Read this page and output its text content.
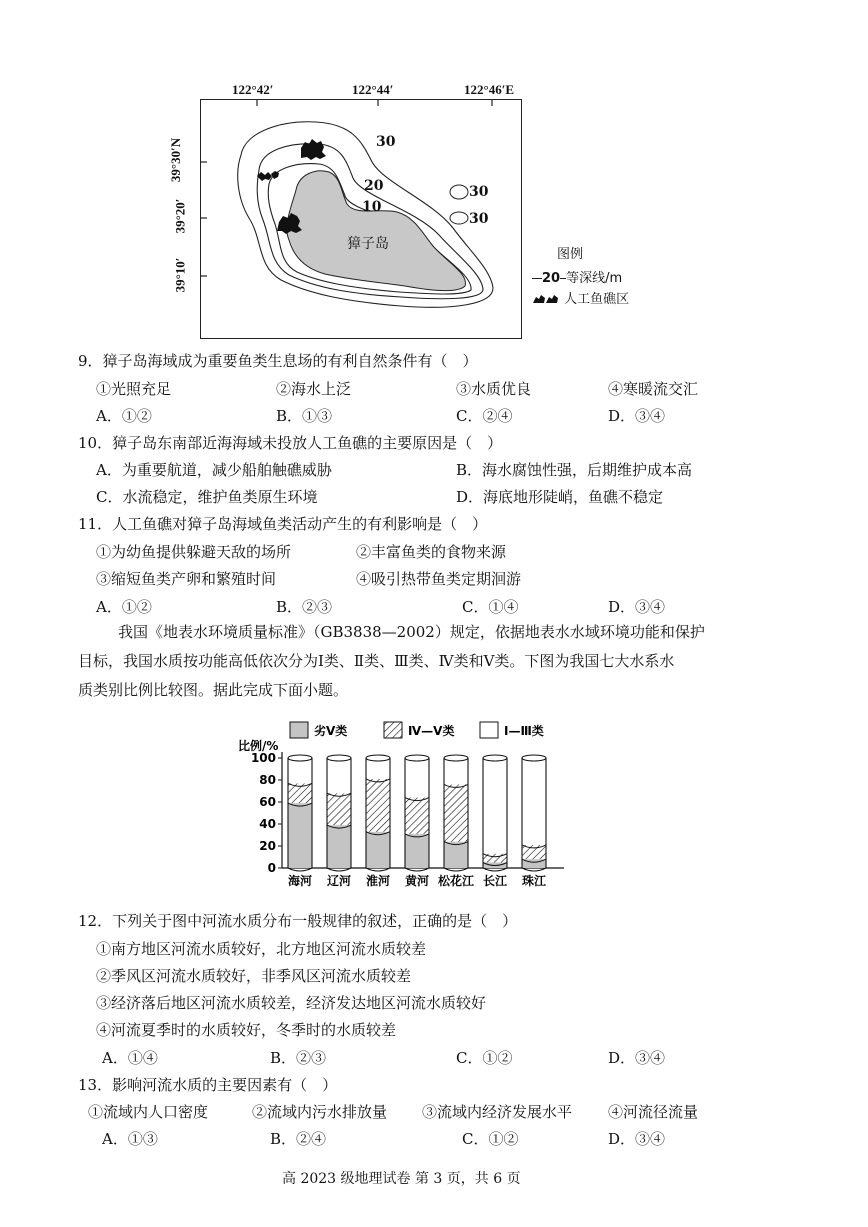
122°42′	122°44′	122°46′E
39°30′N
39°20′
39°10′
30
20
10
30
30
獐子岛
图例
20 等深线/m
人工鱼礁区
9．獐子岛海域成为重要鱼类生息场的有利自然条件有（　）
①光照充足	②海水上泛	③水质优良	④寒暖流交汇
A．①②	B．①③	C．②④	D．③④
10．獐子岛东南部近海海域未投放人工鱼礁的主要原因是（　）
A．为重要航道，减少船舶触礁威胁	B．海水腐蚀性强，后期维护成本高
C．水流稳定，维护鱼类原生环境	D．海底地形陡峭，鱼礁不稳定
11．人工鱼礁对獐子岛海域鱼类活动产生的有利影响是（　）
①为幼鱼提供躲避天敌的场所	②丰富鱼类的食物来源
③缩短鱼类产卵和繁殖时间	④吸引热带鱼类定期洄游
A．①②	B．②③	C．①④	D．③④
我国《地表水环境质量标准》（GB3838—2002）规定，依据地表水水域环境功能和保护
目标，我国水质按功能高低依次分为Ⅰ类、Ⅱ类、Ⅲ类、Ⅳ类和Ⅴ类。下图为我国七大水系水
质类别比例比较图。据此完成下面小题。
劣Ⅴ类	Ⅳ—Ⅴ类	Ⅰ—Ⅲ类
比例/%
0
20
40
60
80
100
海河 辽河 淮河 黄河 松花江 长江 珠江
12．下列关于图中河流水质分布一般规律的叙述，正确的是（　）
①南方地区河流水质较好，北方地区河流水质较差
②季风区河流水质较好，非季风区河流水质较差
③经济落后地区河流水质较差，经济发达地区河流水质较好
④河流夏季时的水质较好，冬季时的水质较差
A．①④	B．②③	C．①②	D．③④
13．影响河流水质的主要因素有（　）
①流域内人口密度	②流域内污水排放量 ③流域内经济发展水平 ④河流径流量
A．①③	B．②④	C．①②	D．③④
高 2023 级地理试卷 第 3 页，共 6 页
